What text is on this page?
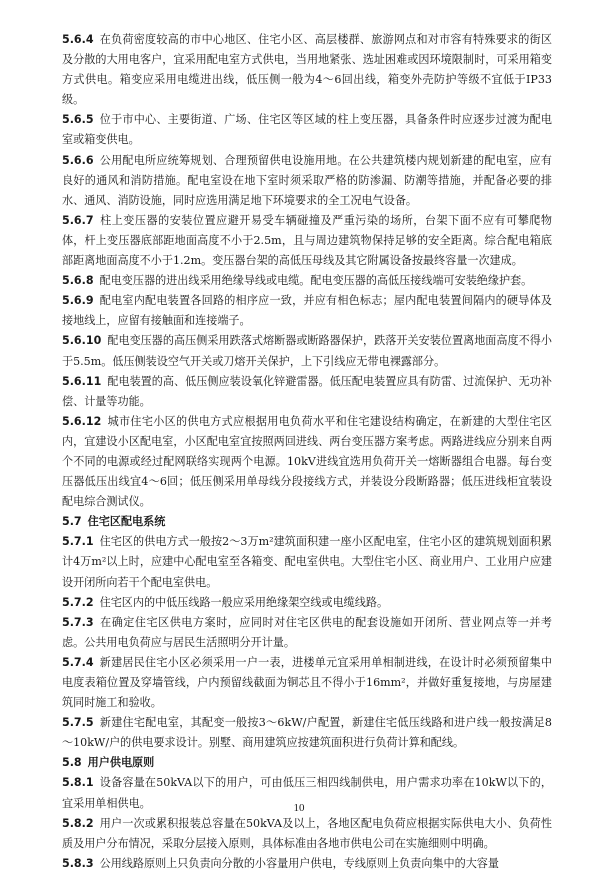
5.6.4 在负荷密度较高的市中心地区、住宅小区、高层楼群、旅游网点和对市容有特殊要求的街区及分散的大用电客户，宜采用配电室方式供电，当用地紧张、选址困难或因环境限制时，可采用箱变方式供电。箱变应采用电缆进出线，低压侧一般为4～6回出线，箱变外壳防护等级不宜低于IP33级。

5.6.5 位于市中心、主要街道、广场、住宅区等区域的柱上变压器，具备条件时应逐步过渡为配电室或箱变供电。

5.6.6 公用配电所应统筹规划、合理预留供电设施用地。在公共建筑楼内规划新建的配电室，应有良好的通风和消防措施。配电室设在地下室时须采取严格的防渗漏、防潮等措施，并配备必要的排水、通风、消防设施，同时应选用满足地下环境要求的全工况电气设备。

5.6.7 柱上变压器的安装位置应避开易受车辆碰撞及严重污染的场所，台架下面不应有可攀爬物体，杆上变压器底部距地面高度不小于2.5m，且与周边建筑物保持足够的安全距离。综合配电箱底部距离地面高度不小于1.2m。变压器台架的高低压母线及其它附属设备按最终容量一次建成。

5.6.8 配电变压器的进出线采用绝缘导线或电缆。配电变压器的高低压接线端可安装绝缘护套。

5.6.9 配电室内配电装置各回路的相序应一致，并应有相色标志；屋内配电装置间隔内的硬导体及接地线上，应留有接触面和连接端子。

5.6.10 配电变压器的高压侧采用跌落式熔断器或断路器保护，跌落开关安装位置离地面高度不得小于5.5m。低压侧装设空气开关或刀熔开关保护，上下引线应无带电裸露部分。

5.6.11 配电装置的高、低压侧应装设氧化锌避雷器。低压配电装置应具有防雷、过流保护、无功补偿、计量等功能。

5.6.12 城市住宅小区的供电方式应根据用电负荷水平和住宅建设结构确定，在新建的大型住宅区内，宜建设小区配电室，小区配电室宜按照两回进线、两台变压器方案考虑。两路进线应分别来自两个不同的电源或经过配网联络实现两个电源。10kV进线宜选用负荷开关一熔断器组合电器。每台变压器低压出线宜4～6回；低压侧采用单母线分段接线方式，并装设分段断路器；低压进线柜宜装设配电综合测试仪。

5.7 住宅区配电系统

5.7.1 住宅区的供电方式一般按2～3万m²建筑面积建一座小区配电室，住宅小区的建筑规划面积累计4万m²以上时，应建中心配电室至各箱变、配电室供电。大型住宅小区、商业用户、工业用户应建设开闭所向若干个配电室供电。

5.7.2 住宅区内的中低压线路一般应采用绝缘架空线或电缆线路。

5.7.3 在确定住宅区供电方案时，应同时对住宅区供电的配套设施如开闭所、营业网点等一并考虑。公共用电负荷应与居民生活照明分开计量。

5.7.4 新建居民住宅小区必须采用一户一表，进楼单元宜采用单相制进线，在设计时必须预留集中电度表箱位置及穿墙管线，户内预留线截面为铜芯且不得小于16mm²，并做好重复接地，与房屋建筑同时施工和验收。

5.7.5 新建住宅配电室，其配变一般按3～6kW/户配置，新建住宅低压线路和进户线一般按满足8～10kW/户的供电要求设计。别墅、商用建筑应按建筑面积进行负荷计算和配线。

5.8 用户供电原则

5.8.1 设备容量在50kVA以下的用户，可由低压三相四线制供电，用户需求功率在10kW以下的，宜采用单相供电。

5.8.2 用户一次或累积报装总容量在50kVA及以上，各地区配电负荷应根据实际供电大小、负荷性质及用户分布情况，采取分层接入原则，具体标准由各地市供电公司在实施细则中明确。

5.8.3 公用线路原则上只负责向分散的小容量用户供电，专线原则上负责向集中的大容量

10
